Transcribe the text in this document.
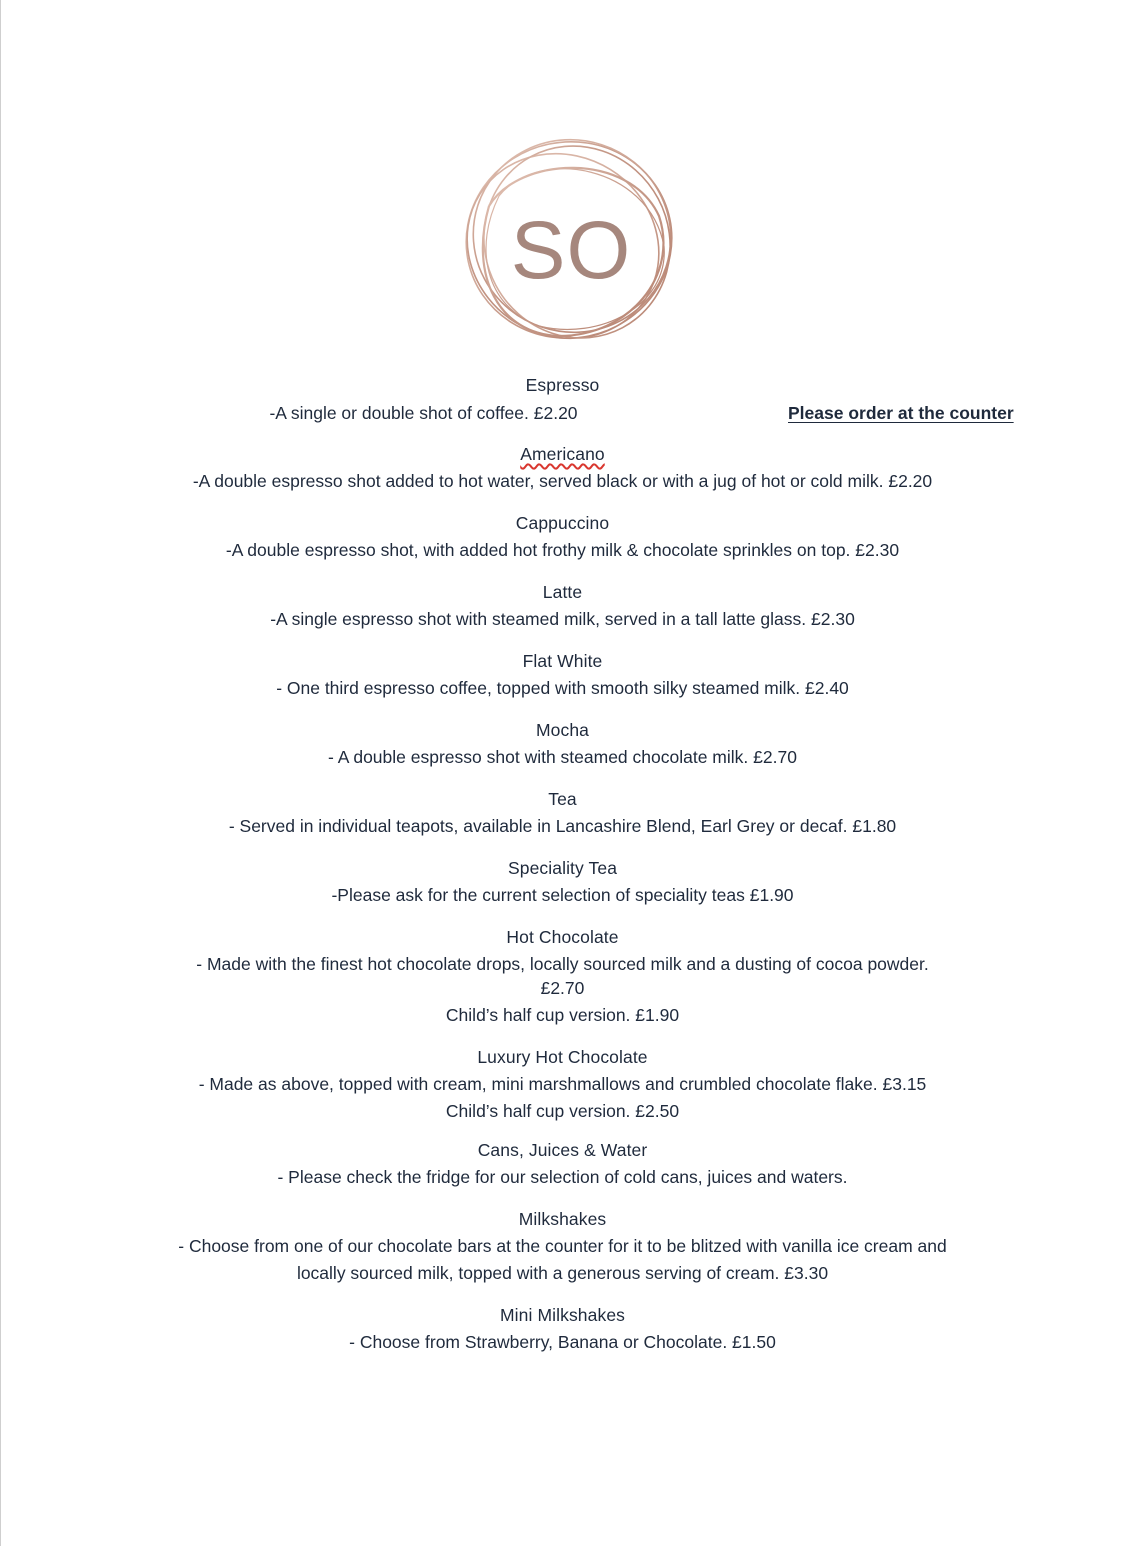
SO
Espresso
-A single or double shot of coffee. £2.20	Please order at the counter
Americano
-A double espresso shot added to hot water, served black or with a jug of hot or cold milk. £2.20
Cappuccino
-A double espresso shot, with added hot frothy milk & chocolate sprinkles on top. £2.30
Latte
-A single espresso shot with steamed milk, served in a tall latte glass. £2.30
Flat White
- One third espresso coffee, topped with smooth silky steamed milk. £2.40
Mocha
- A double espresso shot with steamed chocolate milk. £2.70
Tea
- Served in individual teapots, available in Lancashire Blend, Earl Grey or decaf. £1.80
Speciality Tea
-Please ask for the current selection of speciality teas £1.90
Hot Chocolate
- Made with the finest hot chocolate drops, locally sourced milk and a dusting of cocoa powder.
£2.70
Child’s half cup version. £1.90
Luxury Hot Chocolate
- Made as above, topped with cream, mini marshmallows and crumbled chocolate flake. £3.15
Child’s half cup version. £2.50
Cans, Juices & Water
- Please check the fridge for our selection of cold cans, juices and waters.
Milkshakes
- Choose from one of our chocolate bars at the counter for it to be blitzed with vanilla ice cream and
locally sourced milk, topped with a generous serving of cream. £3.30
Mini Milkshakes
- Choose from Strawberry, Banana or Chocolate. £1.50
